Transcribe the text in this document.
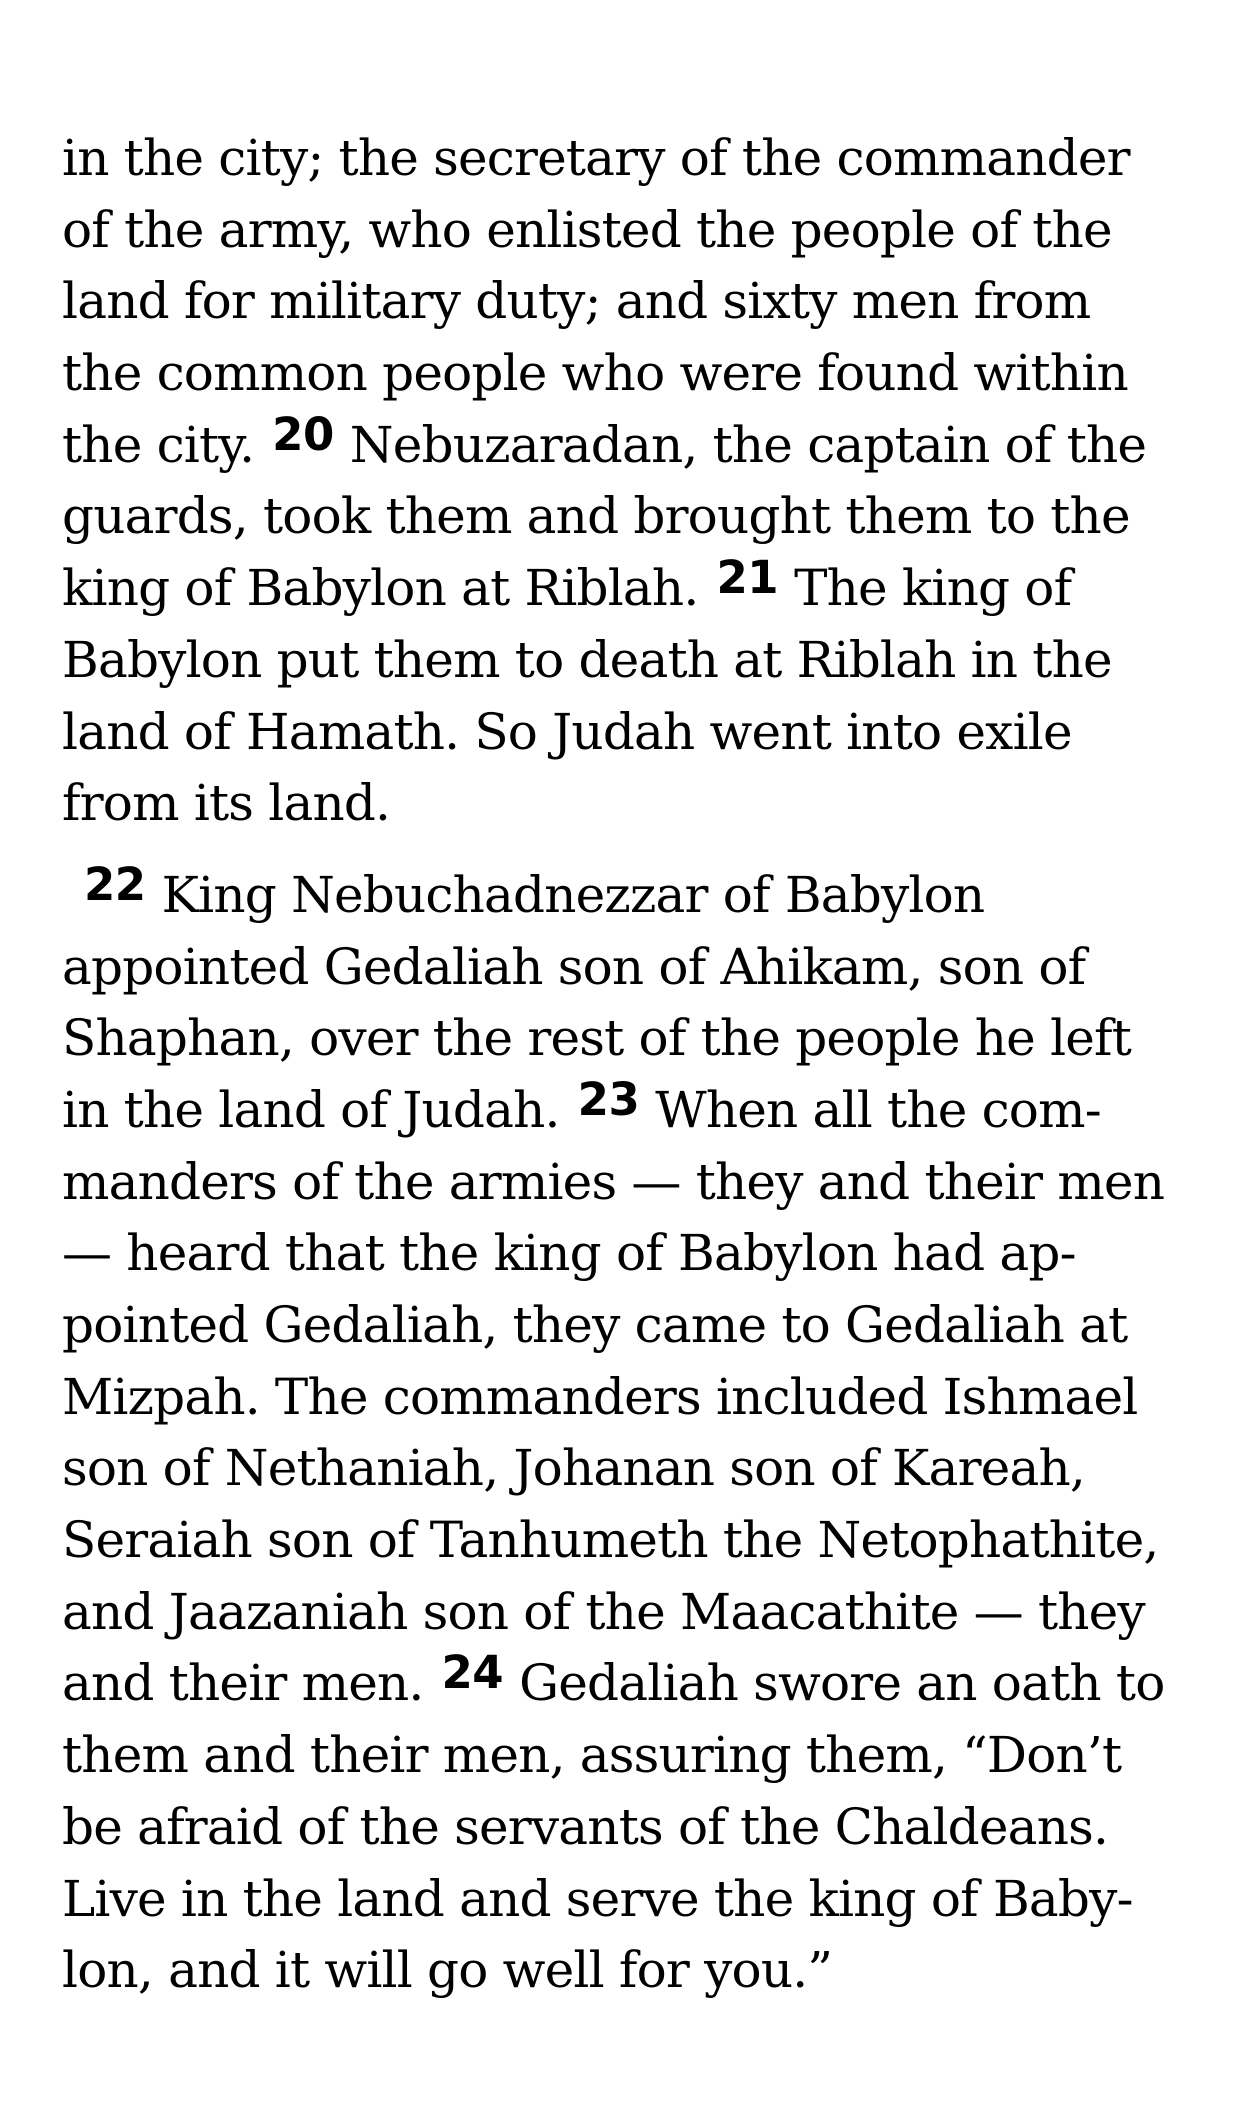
in the city; the secretary of the commander
of the army, who enlisted the people of the
land for military duty; and sixty men from
the common people who were found within
the city. 20 Nebuzaradan, the captain of the
guards, took them and brought them to the
king of Babylon at Riblah. 21 The king of
Babylon put them to death at Riblah in the
land of Hamath. So Judah went into exile
from its land.
22 King Nebuchadnezzar of Babylon
appointed Gedaliah son of Ahikam, son of
Shaphan, over the rest of the people he left
in the land of Judah. 23 When all the com-
manders of the armies — they and their men
— heard that the king of Babylon had ap-
pointed Gedaliah, they came to Gedaliah at
Mizpah. The commanders included Ishmael
son of Nethaniah, Johanan son of Kareah,
Seraiah son of Tanhumeth the Netophathite,
and Jaazaniah son of the Maacathite — they
and their men. 24 Gedaliah swore an oath to
them and their men, assuring them, “Don’t
be afraid of the servants of the Chaldeans.
Live in the land and serve the king of Baby-
lon, and it will go well for you.”
